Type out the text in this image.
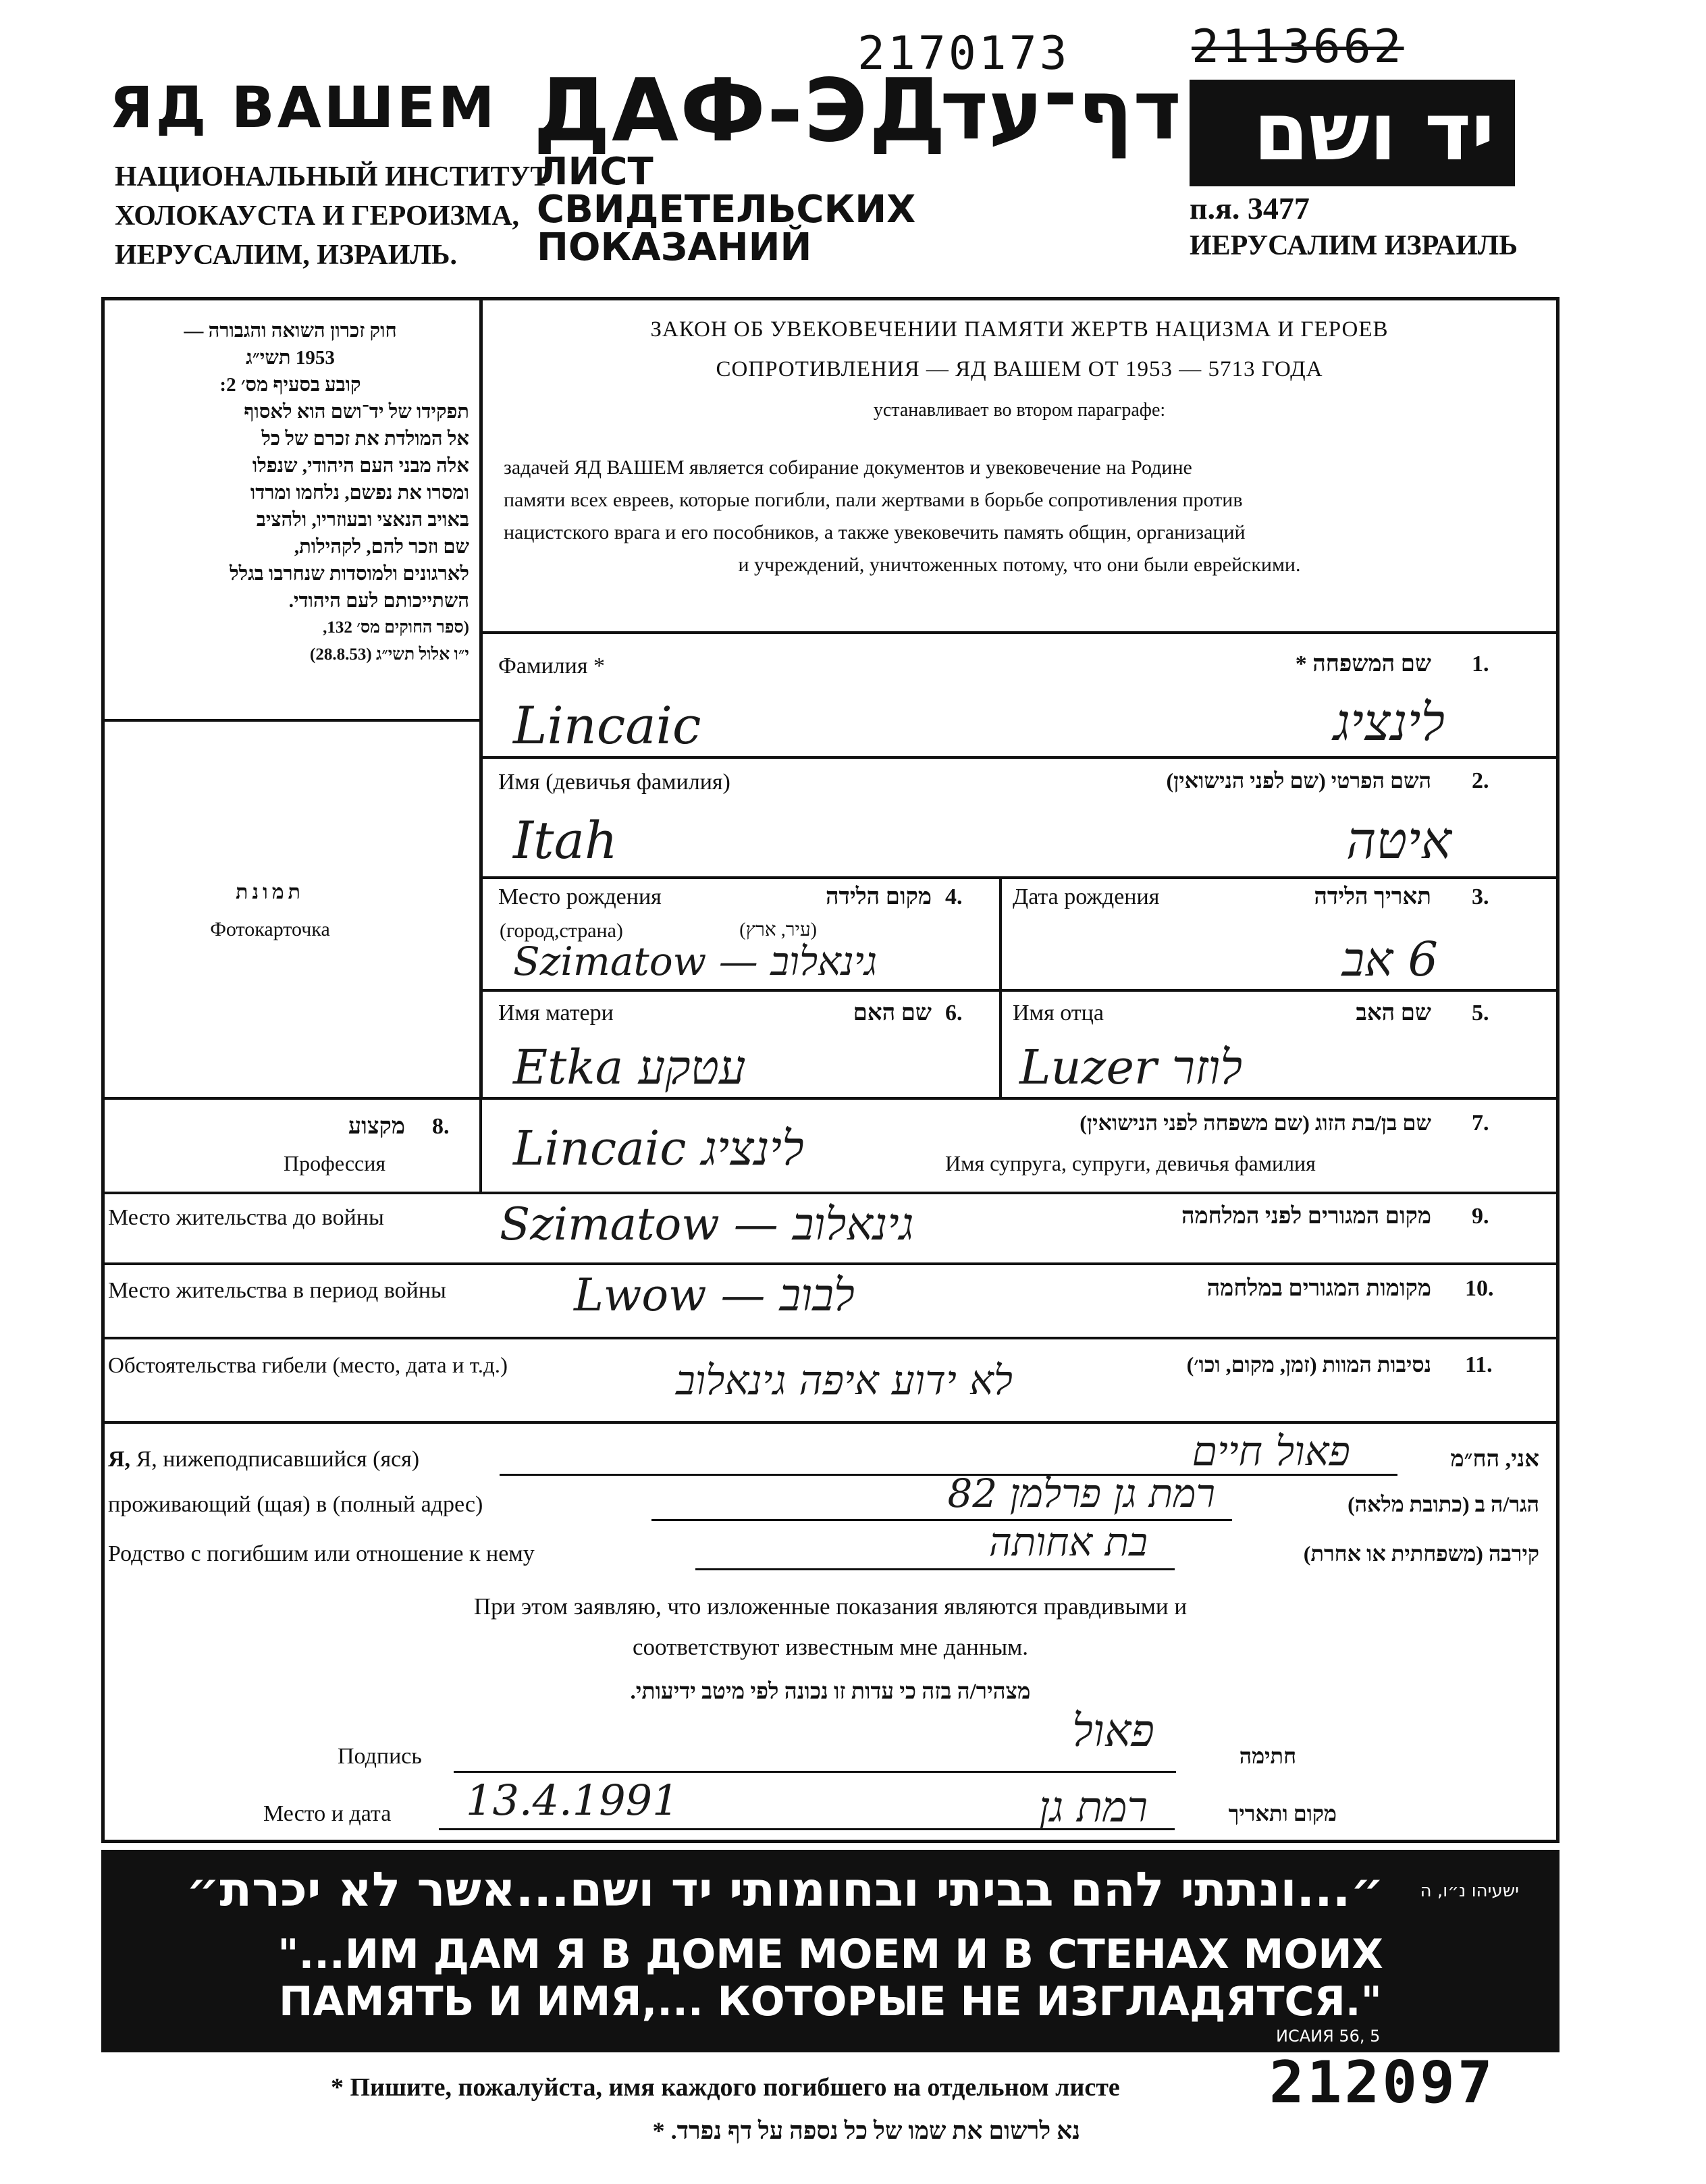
2170173	2113662
ЯД ВАШЕМ
НАЦИОНАЛЬНЫЙ ИНСТИТУТ
ХОЛОКАУСТА И ГЕРОИЗМА,
ИЕРУСАЛИМ, ИЗРАИЛЬ.
ДАФ-ЭД
דף־עד
ЛИСТ
СВИДЕТЕЛЬСКИХ
ПОКАЗАНИЙ
יד ושם
п.я. 3477
ИЕРУСАЛИМ ИЗРАИЛЬ
חוק זכרון השואה והגבורה —
1953 תשי״ג
קובע בסעיף מס׳ 2:
תפקידו של יד־ושם הוא לאסוף
אל המולדת את זכרם של כל
אלה מבני העם היהודי, שנפלו
ומסרו את נפשם, נלחמו ומרדו
באויב הנאצי ובעוזריו, ולהציב
שם וזכר להם, לקהילות,
לארגונים ולמוסדות שנחרבו בגלל
השתייכותם לעם היהודי.
(ספר החוקים מס׳ 132,
י״ו אלול תשי״ג (28.8.53)
ЗАКОН ОБ УВЕКОВЕЧЕНИИ ПАМЯТИ ЖЕРТВ НАЦИЗМА И ГЕРОЕВ
СОПРОТИВЛЕНИЯ — ЯД ВАШЕМ ОТ 1953 — 5713 ГОДА
устанавливает во втором параграфе:
задачей ЯД ВАШЕМ является собирание документов и увековечение на Родине
памяти всех евреев, которые погибли, пали жертвами в борьбе сопротивления против
нацистского врага и его пособников, а также увековечить память общин, организаций
и учреждений, уничтоженных потому, что они были еврейскими.
תמונת
Фотокарточка
Фамилия *	שם המשפחה * 1.
Lincaic	לינציג
Имя (девичья фамилия)	השם הפרטי (שם לפני הנישואין) 2.
Itah	איטה
Место рождения
(город,страна)
מקום הלידה
(עיר, ארץ)
4.
Szimatow — גינאלוב
Дата рождения	תאריך הלידה 3.
6 אב
Имя матери	שם האם 6.
Etka עטקע
Имя отца	שם האב 5.
Luzer לוזר
מקצוע 8.
Профессия
שם בן/בת הזוג (שם משפחה לפני הנישואין) 7.
Имя супруга, супруги, девичья фамилия
Lincaic לינציג
Место жительства до войны	מקום המגורים לפני המלחמה 9.
Szimatow — גינאלוב
Место жительства в период войны	מקומות המגורים במלחמה 10.
Lwow — לבוב
Обстоятельства гибели (место, дата и т.д.)	נסיבות המוות (זמן, מקום, וכו׳) 11.
לא ידוע איפה גינאלוב
Я, Я, нижеподписавшийся (яся)	פאול חיים	אני, הח״מ
проживающий (щая) в (полный адрес)	רמת גן פרלמן 82	הגר/ה ב (כתובת מלאה)
Родство с погибшим или отношение к нему	בת אחותה	קירבה (משפחתית או אחרת)
При этом заявляю, что изложенные показания являются правдивыми и
соответствуют известным мне данным.
מצהיר/ה בזה כי עדות זו נכונה לפי מיטב ידיעותי.
Подпись	פאול	חתימה
Место и дата 13.4.1991	רמת גן	מקום ותאריך
״...ונתתי להם בביתי ובחומותי יד ושם...אשר לא יכרת״	ישעיהו נ״ו, ה
"...ИМ ДАМ Я В ДОМЕ МОЕМ И В СТЕНАХ МОИХ
ПАМЯТЬ И ИМЯ,... КОТОРЫЕ НЕ ИЗГЛАДЯТСЯ."
ИСАИЯ 56, 5
212097
* Пишите, пожалуйста, имя каждого погибшего на отдельном листе
נא לרשום את שמו של כל נספה על דף נפרד. *
